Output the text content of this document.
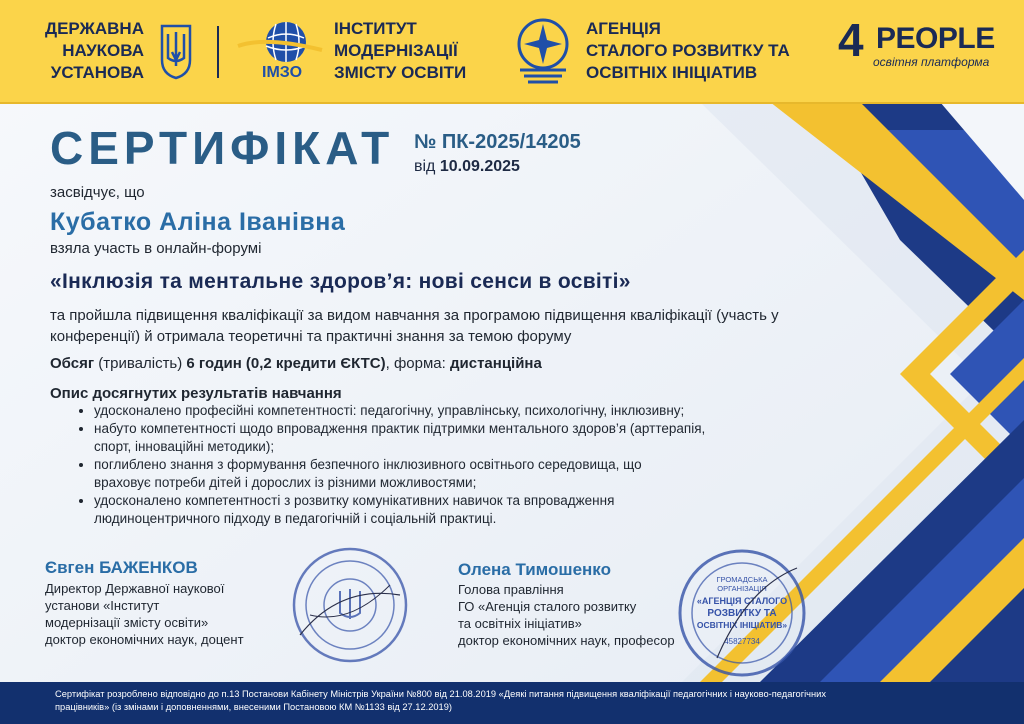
ДЕРЖАВНА
НАУКОВА
УСТАНОВА	ІМЗО
ІНСТИТУТ
МОДЕРНІЗАЦІЇ
ЗМІСТУ ОСВІТИ
АГЕНЦІЯ
СТАЛОГО РОЗВИТКУ ТА
ОСВІТНІХ ІНІЦІАТИВ
4 PEOPLE
освітня платформа
СЕРТИФІКАТ № ПК-2025/14205
від 10.09.2025
засвідчує, що
Кубатко Аліна Іванівна
взяла участь в онлайн-форумі
«Інклюзія та ментальне здоров’я: нові сенси в освіті»
та пройшла підвищення кваліфікації за видом навчання за програмою підвищення кваліфікації (участь у конференції) й отримала теоретичні та практичні знання за темою форуму
Обсяг (тривалість) 6 годин (0,2 кредити ЄКТС), форма: дистанційна
Опис досягнутих результатів навчання
• удосконалено професійні компетентності: педагогічну, управлінську, психологічну, інклюзивну;
• набуто компетентності щодо впровадження практик підтримки ментального здоров’я (арттерапія, спорт, інноваційні методики);
• поглиблено знання з формування безпечного інклюзивного освітнього середовища, що враховує потреби дітей і дорослих із різними можливостями;
• удосконалено компетентності з розвитку комунікативних навичок та впровадження людиноцентричного підходу в педагогічній і соціальній практиці.
Євген БАЖЕНКОВ
Директор Державної наукової
установи «Інститут
модернізації змісту освіти»
доктор економічних наук, доцент
Олена Тимошенко
Голова правління
ГО «Агенція сталого розвитку
та освітніх ініціатив»
доктор економічних наук, професор
ГРОМАДСЬКА
ОРГАНІЗАЦІЯ
«АГЕНЦІЯ СТАЛОГО
РОЗВИТКУ ТА
ОСВІТНІХ ІНІЦІАТИВ»
45827734
Сертифікат розроблено відповідно до п.13 Постанови Кабінету Міністрів України №800 від 21.08.2019 «Деякі питання підвищення кваліфікації педагогічних і науково-педагогічних працівників» (із змінами і доповненнями, внесеними Постановою КМ №1133 від 27.12.2019)
